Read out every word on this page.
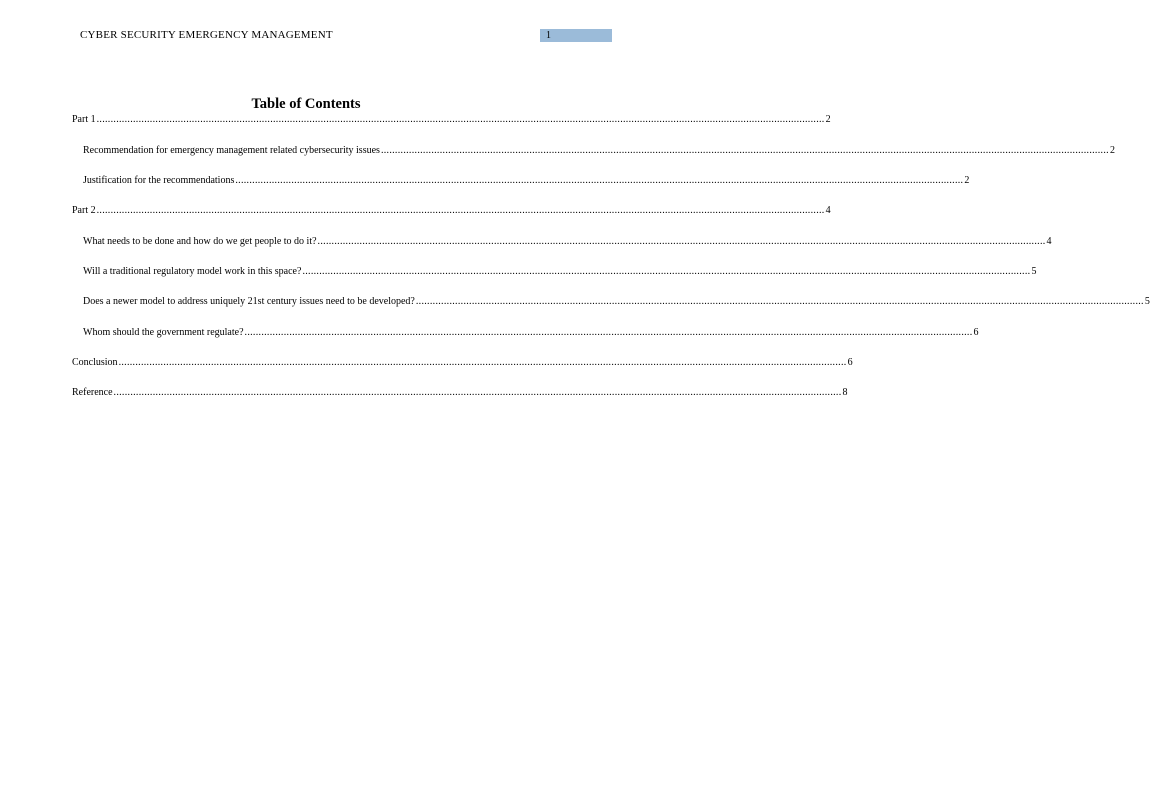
CYBER SECURITY EMERGENCY MANAGEMENT	1
Table of Contents
Part 1 .................................................................................................................................................................................................................................................................... 2
Recommendation for emergency management related cybersecurity issues .................................................................................................................................................................................................................................................................... 2
Justification for the recommendations .................................................................................................................................................................................................................................................................... 2
Part 2 .................................................................................................................................................................................................................................................................... 4
What needs to be done and how do we get people to do it? .................................................................................................................................................................................................................................................................... 4
Will a traditional regulatory model work in this space? .................................................................................................................................................................................................................................................................... 5
Does a newer model to address uniquely 21st century issues need to be developed? .................................................................................................................................................................................................................................................................... 5
Whom should the government regulate? .................................................................................................................................................................................................................................................................... 6
Conclusion .................................................................................................................................................................................................................................................................... 6
Reference .................................................................................................................................................................................................................................................................... 8
